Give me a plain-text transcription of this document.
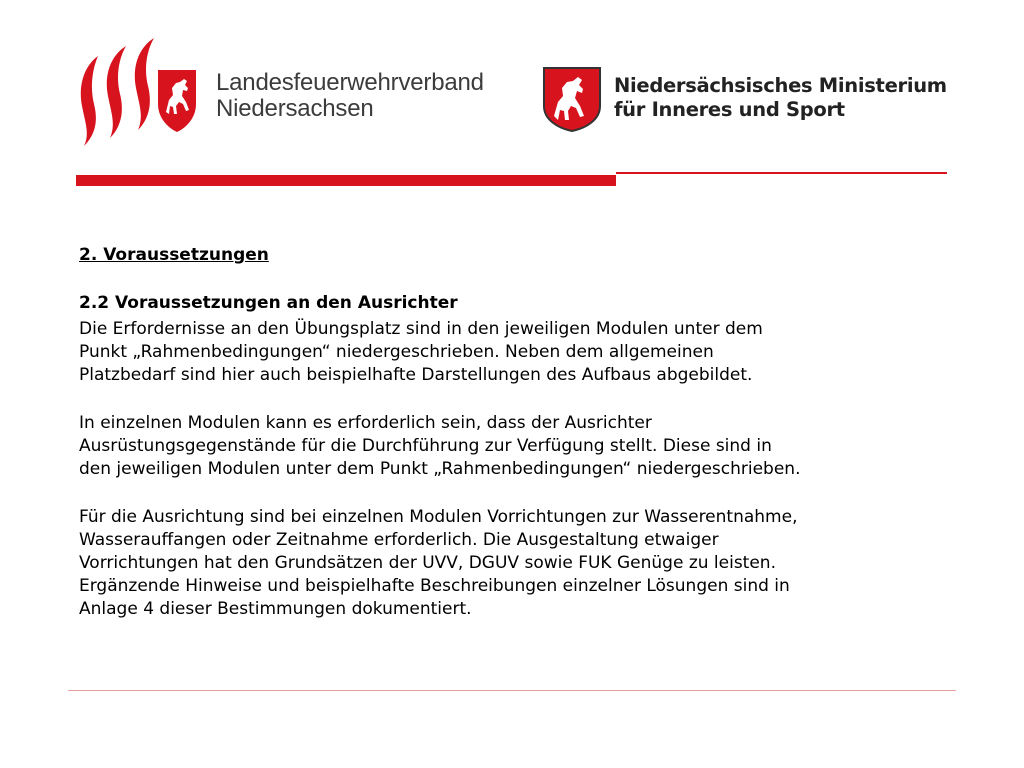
Landesfeuerwehrverband
Niedersachsen
Niedersächsisches Ministerium
für Inneres und Sport
2. Voraussetzungen
2.2 Voraussetzungen an den Ausrichter
Die Erfordernisse an den Übungsplatz sind in den jeweiligen Modulen unter dem
Punkt „Rahmenbedingungen“ niedergeschrieben. Neben dem allgemeinen
Platzbedarf sind hier auch beispielhafte Darstellungen des Aufbaus abgebildet.
In einzelnen Modulen kann es erforderlich sein, dass der Ausrichter
Ausrüstungsgegenstände für die Durchführung zur Verfügung stellt. Diese sind in
den jeweiligen Modulen unter dem Punkt „Rahmenbedingungen“ niedergeschrieben.
Für die Ausrichtung sind bei einzelnen Modulen Vorrichtungen zur Wasserentnahme,
Wasserauffangen oder Zeitnahme erforderlich. Die Ausgestaltung etwaiger
Vorrichtungen hat den Grundsätzen der UVV, DGUV sowie FUK Genüge zu leisten.
Ergänzende Hinweise und beispielhafte Beschreibungen einzelner Lösungen sind in
Anlage 4 dieser Bestimmungen dokumentiert.
